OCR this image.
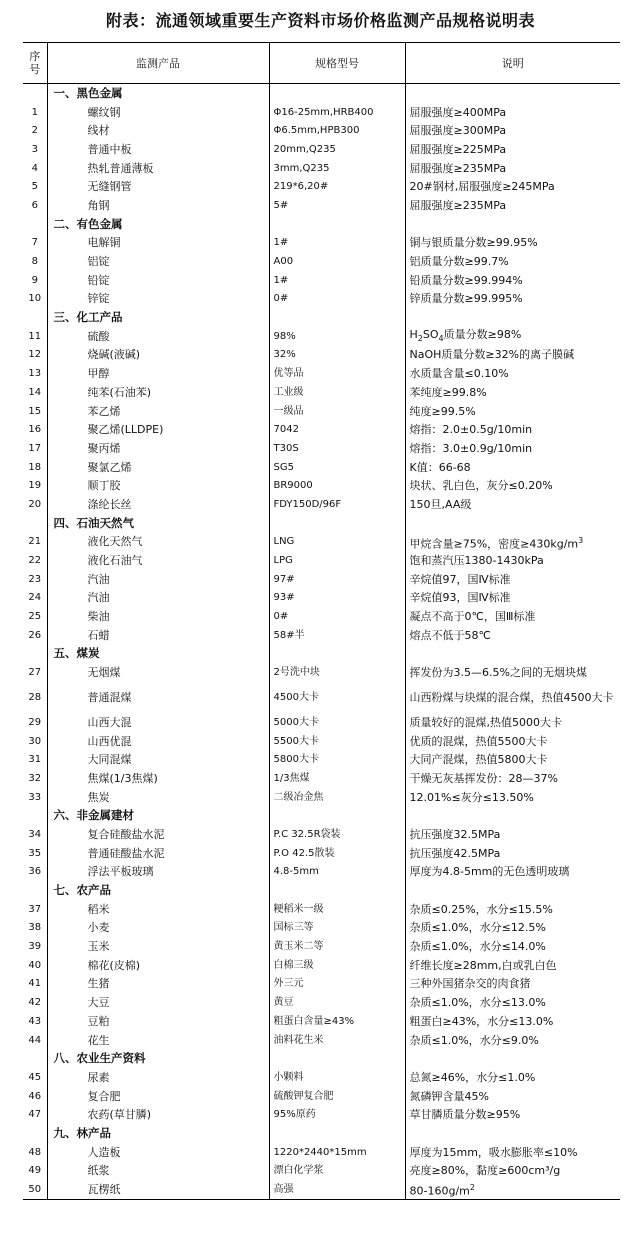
附表：流通领域重要生产资料市场价格监测产品规格说明表
序号	监测产品	规格型号	说明
	一、黑色金属		
1	螺纹钢	Φ16-25mm,HRB400	屈服强度≥400MPa
2	线材	Φ6.5mm,HPB300	屈服强度≥300MPa
3	普通中板	20mm,Q235	屈服强度≥225MPa
4	热轧普通薄板	3mm,Q235	屈服强度≥235MPa
5	无缝钢管	219*6,20#	20#钢材,屈服强度≥245MPa
6	角钢	5#	屈服强度≥235MPa
	二、有色金属		
7	电解铜	1#	铜与银质量分数≥99.95%
8	铝锭	A00	铝质量分数≥99.7%
9	铅锭	1#	铅质量分数≥99.994%
10	锌锭	0#	锌质量分数≥99.995%
	三、化工产品		
11	硫酸	98%	$H_2SO_4$质量分数≥98%
12	烧碱(液碱)	32%	NaOH质量分数≥32%的离子膜碱
13	甲醇	优等品	水质量含量≤0.10%
14	纯苯(石油苯)	工业级	苯纯度≥99.8%
15	苯乙烯	一级品	纯度≥99.5%
16	聚乙烯(LLDPE)	7042	熔指：2.0±0.5g/10min
17	聚丙烯	T30S	熔指：3.0±0.9g/10min
18	聚氯乙烯	SG5	K值：66-68
19	顺丁胶	BR9000	块状、乳白色，灰分≤0.20%
20	涤纶长丝	FDY150D/96F	150旦,AA级
	四、石油天然气		
21	液化天然气	LNG	甲烷含量≥75%，密度$\ge 430kg/m^3$
22	液化石油气	LPG	饱和蒸汽压1380-1430kPa
23	汽油	97#	辛烷值97，国Ⅳ标准
24	汽油	93#	辛烷值93，国Ⅳ标准
25	柴油	0#	凝点不高于0℃，国Ⅲ标准
26	石蜡	58#半	熔点不低于58℃
	五、煤炭		
27	无烟煤	2号洗中块	挥发份为3.5—6.5%之间的无烟块煤
28	普通混煤	4500大卡	山西粉煤与块煤的混合煤，热值4500大卡
29	山西大混	5000大卡	质量较好的混煤,热值5000大卡
30	山西优混	5500大卡	优质的混煤，热值5500大卡
31	大同混煤	5800大卡	大同产混煤，热值5800大卡
32	焦煤(1/3焦煤)	1/3焦煤	干燥无灰基挥发份：28—37%
33	焦炭	二级冶金焦	12.01%≤灰分≤13.50%
	六、非金属建材		
34	复合硅酸盐水泥	P.C 32.5R袋装	抗压强度32.5MPa
35	普通硅酸盐水泥	P.O 42.5散装	抗压强度42.5MPa
36	浮法平板玻璃	4.8-5mm	厚度为4.8-5mm的无色透明玻璃
	七、农产品		
37	稻米	粳稻米一级	杂质≤0.25%，水分≤15.5%
38	小麦	国标三等	杂质≤1.0%，水分≤12.5%
39	玉米	黄玉米二等	杂质≤1.0%，水分≤14.0%
40	棉花(皮棉)	白棉三级	纤维长度≥28mm,白或乳白色
41	生猪	外三元	三种外国猪杂交的肉食猪
42	大豆	黄豆	杂质≤1.0%，水分≤13.0%
43	豆粕	粗蛋白含量≥43%	粗蛋白≥43%，水分≤13.0%
44	花生	油料花生米	杂质≤1.0%，水分≤9.0%
	八、农业生产资料		
45	尿素	小颗料	总氮≥46%，水分≤1.0%
46	复合肥	硫酸钾复合肥	氮磷钾含量45%
47	农药(草甘膦)	95%原药	草甘膦质量分数≥95%
	九、林产品		
48	人造板	1220*2440*15mm	厚度为15mm，吸水膨胀率≤10%
49	纸浆	漂白化学浆	亮度≥80%，黏度≥600cm³/g
50	瓦楞纸	高强	$80-160g/m^2$
